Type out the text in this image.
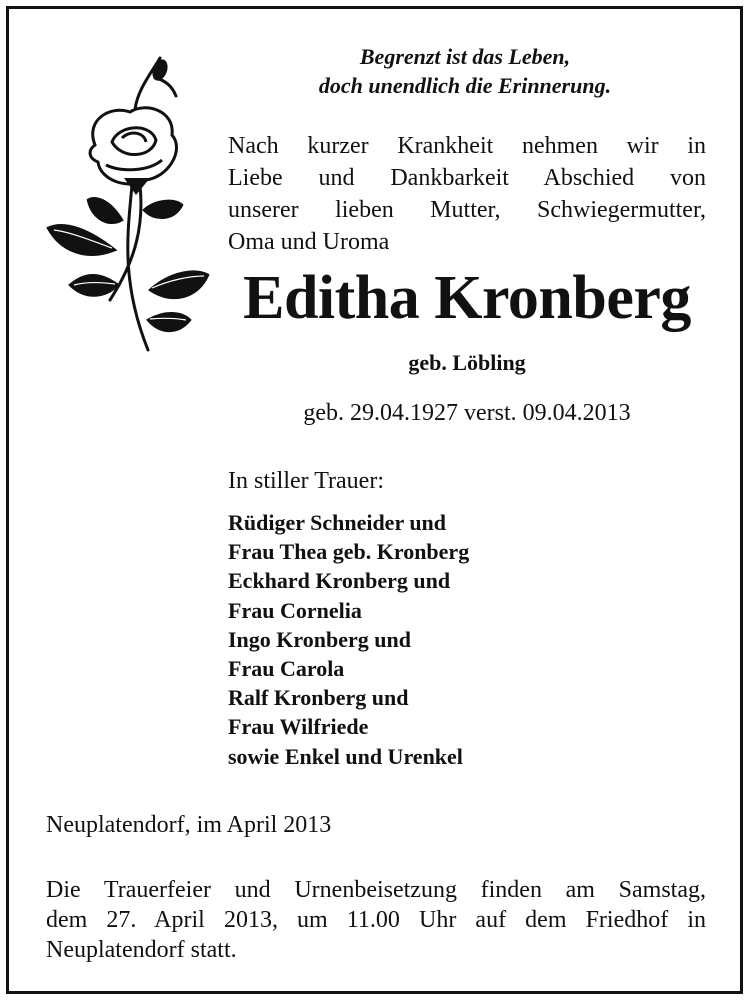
Begrenzt ist das Leben,
doch unendlich die Erinnerung.
Nach kurzer Krankheit nehmen wir in
Liebe und Dankbarkeit Abschied von
unserer lieben Mutter, Schwiegermutter,
Oma und Uroma
Editha Kronberg
geb. Löbling
geb. 29.04.1927 verst. 09.04.2013
In stiller Trauer:
Rüdiger Schneider und
Frau Thea geb. Kronberg
Eckhard Kronberg und
Frau Cornelia
Ingo Kronberg und
Frau Carola
Ralf Kronberg und
Frau Wilfriede
sowie Enkel und Urenkel
Neuplatendorf, im April 2013
Die Trauerfeier und Urnenbeisetzung finden am Samstag,
dem 27. April 2013, um 11.00 Uhr auf dem Friedhof in
Neuplatendorf statt.
